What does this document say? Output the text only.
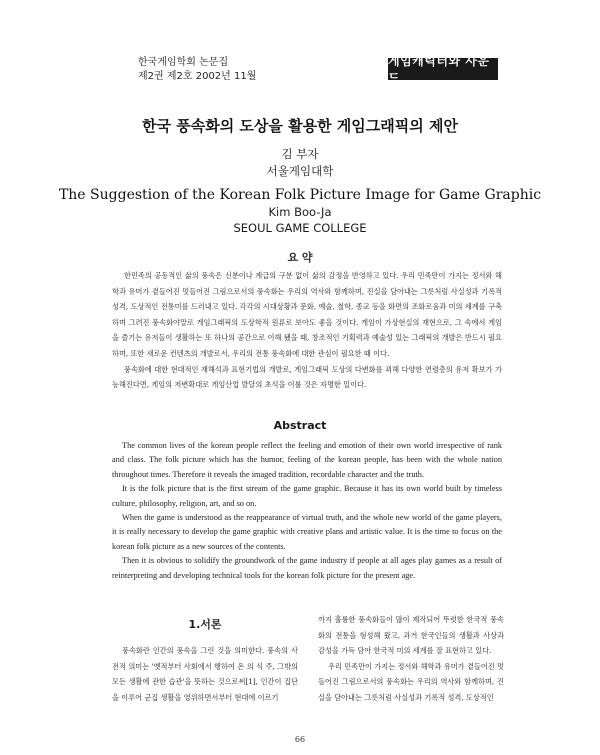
한국게임학회 논문집
제2권 제2호 2002년 11월
게임캐릭터와 사운드
한국 풍속화의 도상을 활용한 게임그래픽의 제안
김 부자
서울게임대학
The Suggestion of the Korean Folk Picture Image for Game Graphic
Kim Boo-Ja
SEOUL GAME COLLEGE
요 약

한민족의 공동적인 삶의 풍속은 신분이나 계급의 구분 없이 삶의 감정을 반영하고 있다. 우리 민족만이 가지는 정서와 해학과 유머가 곁들어진 멋들어진 그림으로서의 풍속화는 우리의 역사와 함께하며, 진실을 담아내는 그릇처럼 사실성과 기록적 성격, 도상적인 전통미를 드러내고 있다. 각각의 시대상황과 문화, 예술, 철학, 종교 등을 화면의 조화로움과 미의 세계를 구축하며 그려진 풍속화야말로 게임그래픽의 도상학적 원류로 보아도 좋을 것이다. 게임이 가상현실의 재현으로, 그 속에서 게임을 즐기는 유저들이 생활하는 또 하나의 공간으로 이해 됐을 때, 창조적인 기획력과 예술성 있는 그래픽의 개발은 반드시 필요하며, 또한 새로운 컨텐츠의 개발로서, 우리의 전통 풍속화에 대한 관심이 필요한 때 이다.

풍속화에 대한 현대적인 재해석과 표현기법의 개발로, 게임그래픽 도상의 다변화를 꾀해 다양한 연령층의 유저 확보가 가능해진다면, 게임의 저변확대로 게임산업 발달의 초석을 이룰 것은 자명한 일이다.

Abstract

The common lives of the korean people reflect the feeling and emotion of their own world irrespective of rank and class. The folk picture which has the humor, feeling of the korean people, has been with the whole nation throughout times. Therefore it reveals the imaged tradition, recordable character and the truth.

It is the folk picture that is the first stream of the game graphic. Because it has its own world built by timeless culture, philosophy, religion, art, and so on.

When the game is understood as the reappearance of virtual truth, and the whole new world of the game players, it is really necessary to develop the game graphic with creative plans and artistic value. It is the time to focus on the korean folk picture as a new sources of the contents.

Then it is obvious to solidify the groundwork of the game industry if people at all ages play games as a result of reinterpreting and developing technical tools for the korean folk picture for the present age.

1.서론

풍속화란 인간의 풍속을 그린 것을 의미한다. 풍속의 사전적 의미는 '옛적부터 사회에서 행하여 온 의 식 주, 그밖의 모든 생활에 관한 습관'을 뜻하는 것으로써[1], 인간이 집단을 이루어 군집 생활을 영위하면서부터 현대에 이르기

까지 훌륭한 풍속화들이 많이 제작되어 뚜렷한 한국적 풍속화의 전통을 형성해 왔고, 과거 한국인들의 생활과 사상과 감성을 가득 담아 한국적 미의 세계를 잘 표현하고 있다.

우리 민족만이 가지는 정서와 해학과 유머가 곁들어진 멋들어진 그림으로서의 풍속화는 우리의 역사와 함께하며, 진실을 담아내는 그릇처럼 사실성과 기록적 성격, 도상적인

66
